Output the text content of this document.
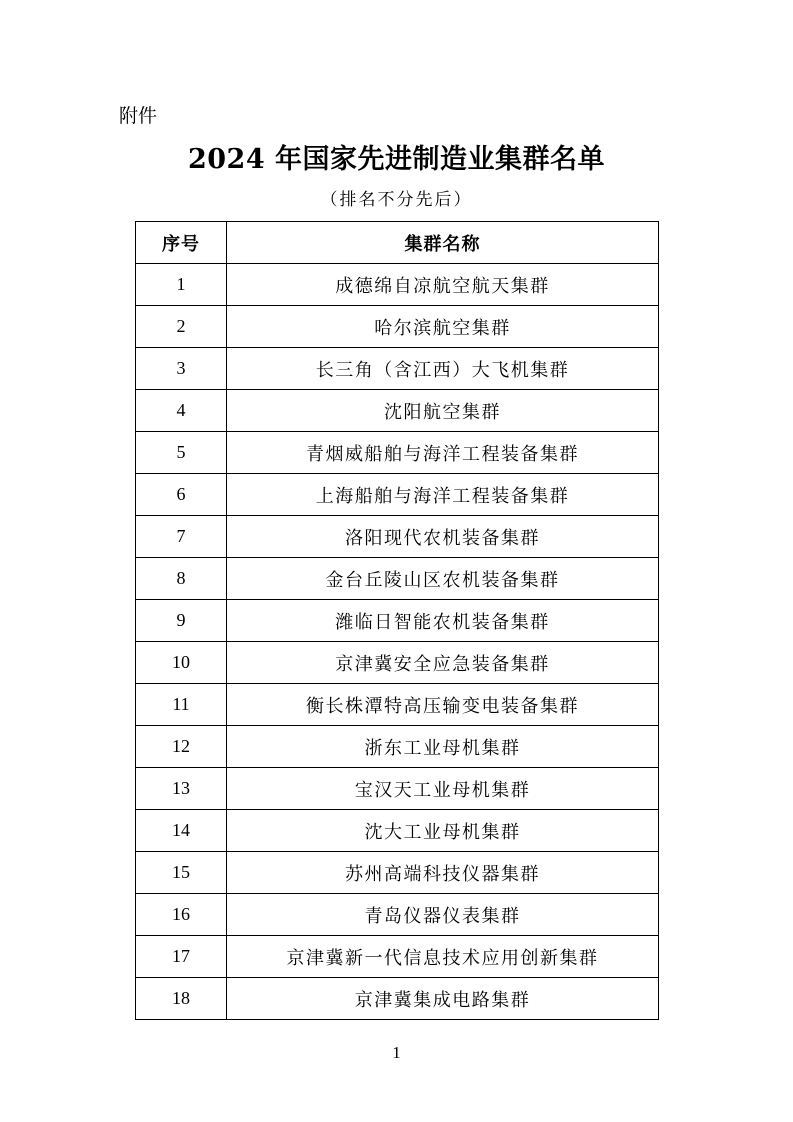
附件
2024 年国家先进制造业集群名单
（排名不分先后）
序号	集群名称
1	成德绵自凉航空航天集群
2	哈尔滨航空集群
3	长三角（含江西）大飞机集群
4	沈阳航空集群
5	青烟威船舶与海洋工程装备集群
6	上海船舶与海洋工程装备集群
7	洛阳现代农机装备集群
8	金台丘陵山区农机装备集群
9	潍临日智能农机装备集群
10	京津冀安全应急装备集群
11	衡长株潭特高压输变电装备集群
12	浙东工业母机集群
13	宝汉天工业母机集群
14	沈大工业母机集群
15	苏州高端科技仪器集群
16	青岛仪器仪表集群
17	京津冀新一代信息技术应用创新集群
18	京津冀集成电路集群
1
